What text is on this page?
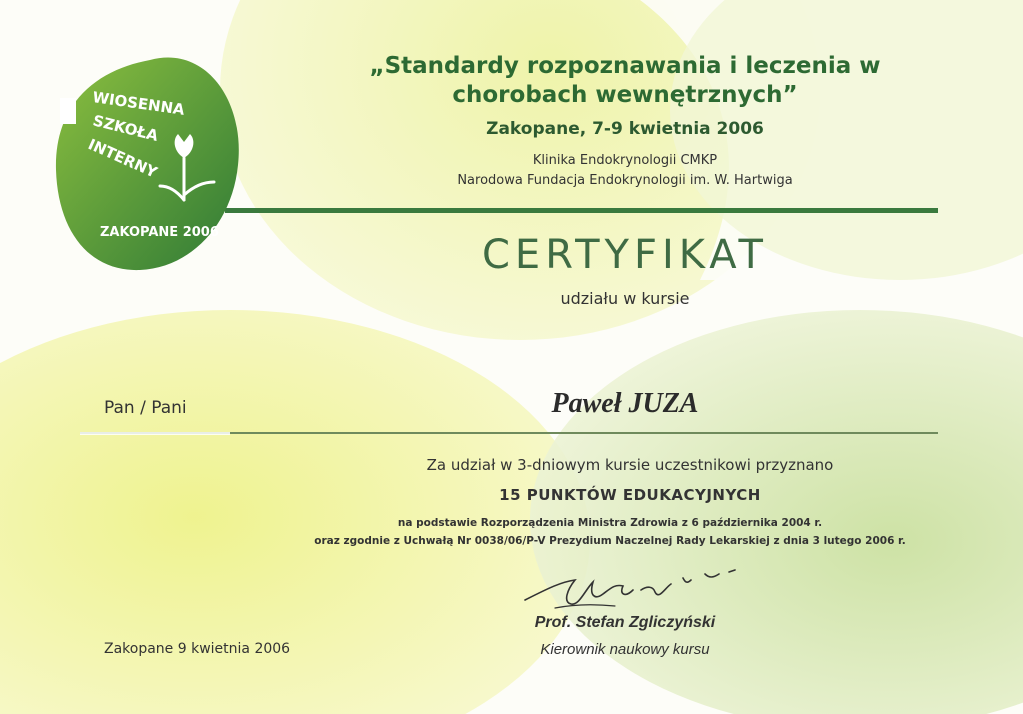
WIOSENNA
SZKOŁA
INTERNY
ZAKOPANE 2006

„Standardy rozpoznawania i leczenia w chorobach wewnętrznych”

Zakopane, 7-9 kwietnia 2006

Klinika Endokrynologii CMKP

Narodowa Fundacja Endokrynologii im. W. Hartwiga

CERTYFIKAT

udziału w kursie

Pan / Pani	Paweł JUZA

Za udział w 3-dniowym kursie uczestnikowi przyznano

15 PUNKTÓW EDUKACYJNYCH

na podstawie Rozporządzenia Ministra Zdrowia z 6 października 2004 r.

oraz zgodnie z Uchwałą Nr 0038/06/P-V Prezydium Naczelnej Rady Lekarskiej z dnia 3 lutego 2006 r.

Prof. Stefan Zgliczyński

Kierownik naukowy kursu

Zakopane 9 kwietnia 2006
